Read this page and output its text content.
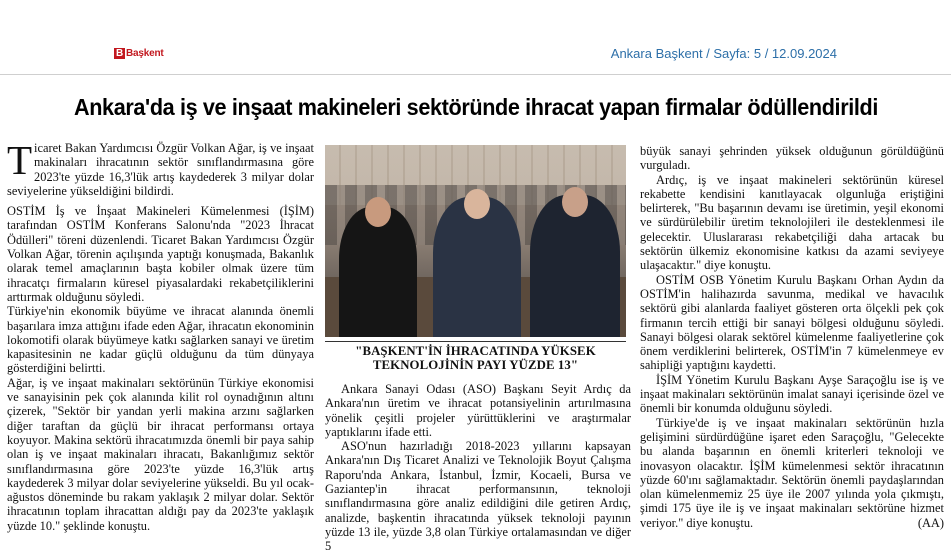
B Başkent	Ankara Başkent / Sayfa: 5 / 12.09.2024
Ankara'da iş ve inşaat makineleri sektöründe ihracat yapan firmalar ödüllendirildi

Ticaret Bakan Yardımcısı Özgür Volkan Ağar, iş ve inşaat makinaları ihracatının sektör sınıflandırmasına göre 2023'te yüzde 16,3'lük artış kaydederek 3 milyar dolar seviyelerine yükseldiğini bildirdi.

OSTİM İş ve İnşaat Makineleri Kümelenmesi (İŞİM) tarafından OSTİM Konferans Salonu'nda "2023 İhracat Ödülleri" töreni düzenlendi. Ticaret Bakan Yardımcısı Özgür Volkan Ağar, törenin açılışında yaptığı konuşmada, Bakanlık olarak temel amaçlarının başta kobiler olmak üzere tüm ihracatçı firmaların küresel piyasalardaki rekabetçiliklerini arttırmak olduğunu söyledi.

Türkiye'nin ekonomik büyüme ve ihracat alanında önemli başarılara imza attığını ifade eden Ağar, ihracatın ekonominin lokomotifi olarak büyümeye katkı sağlarken sanayi ve üretim kapasitesinin ne kadar güçlü olduğunu da tüm dünyaya gösterdiğini belirtti.

Ağar, iş ve inşaat makinaları sektörünün Türkiye ekonomisi ve sanayisinin pek çok alanında kilit rol oynadığının altını çizerek, "Sektör bir yandan yerli makina arzını sağlarken diğer taraftan da güçlü bir ihracat performansı ortaya koyuyor. Makina sektörü ihracatımızda önemli bir paya sahip olan iş ve inşaat makinaları ihracatı, Bakanlığımız sektör sınıflandırmasına göre 2023'te yüzde 16,3'lük artış kaydederek 3 milyar dolar seviyelerine yükseldi. Bu yıl ocak-ağustos döneminde bu rakam yaklaşık 2 milyar dolar. Sektör ihracatının toplam ihracattan aldığı pay da 2023'te yaklaşık yüzde 10." şeklinde konuştu.

"BAŞKENT'İN İHRACATINDA YÜKSEK TEKNOLOJİNİN PAYI YÜZDE 13"

Ankara Sanayi Odası (ASO) Başkanı Seyit Ardıç da Ankara'nın üretim ve ihracat potansiyelinin artırılmasına yönelik çeşitli projeler yürüttüklerini ve araştırmalar yaptıklarını ifade etti.

ASO'nun hazırladığı 2018-2023 yıllarını kapsayan Ankara'nın Dış Ticaret Analizi ve Teknolojik Boyut Çalışma Raporu'nda Ankara, İstanbul, İzmir, Kocaeli, Bursa ve Gaziantep'in ihracat performansının, teknoloji sınıflandırmasına göre analiz edildiğini dile getiren Ardıç, analizde, başkentin ihracatında yüksek teknoloji payının yüzde 13 ile, yüzde 3,8 olan Türkiye ortalamasından ve diğer 5

büyük sanayi şehrinden yüksek olduğunun görüldüğünü vurguladı.

Ardıç, iş ve inşaat makineleri sektörünün küresel rekabette kendisini kanıtlayacak olgunluğa eriştiğini belirterek, "Bu başarının devamı ise üretimin, yeşil ekonomi ve sürdürülebilir üretim teknolojileri ile desteklenmesi ile gelecektir. Uluslararası rekabetçiliği daha artacak bu sektörün ülkemiz ekonomisine katkısı da azami seviyeye ulaşacaktır." diye konuştu.

OSTİM OSB Yönetim Kurulu Başkanı Orhan Aydın da OSTİM'in halihazırda savunma, medikal ve havacılık sektörü gibi alanlarda faaliyet gösteren orta ölçekli pek çok firmanın tercih ettiği bir sanayi bölgesi olduğunu söyledi. Sanayi bölgesi olarak sektörel kümelenme faaliyetlerine çok önem verdiklerini belirterek, OSTİM'in 7 kümelenmeye ev sahipliği yaptığını kaydetti.

İŞİM Yönetim Kurulu Başkanı Ayşe Saraçoğlu ise iş ve inşaat makinaları sektörünün imalat sanayi içerisinde özel ve önemli bir konumda olduğunu söyledi.

Türkiye'de iş ve inşaat makinaları sektörünün hızla gelişimini sürdürdüğüne işaret eden Saraçoğlu, "Gelecekte bu alanda başarının en önemli kriterleri teknoloji ve inovasyon olacaktır. İŞİM kümelenmesi sektör ihracatının yüzde 60'ını sağlamaktadır. Sektörün önemli paydaşlarından olan kümelenmemiz 25 üye ile 2007 yılında yola çıkmıştı, şimdi 175 üye ile iş ve inşaat makinaları sektörüne hizmet veriyor." diye konuştu.	(AA)
